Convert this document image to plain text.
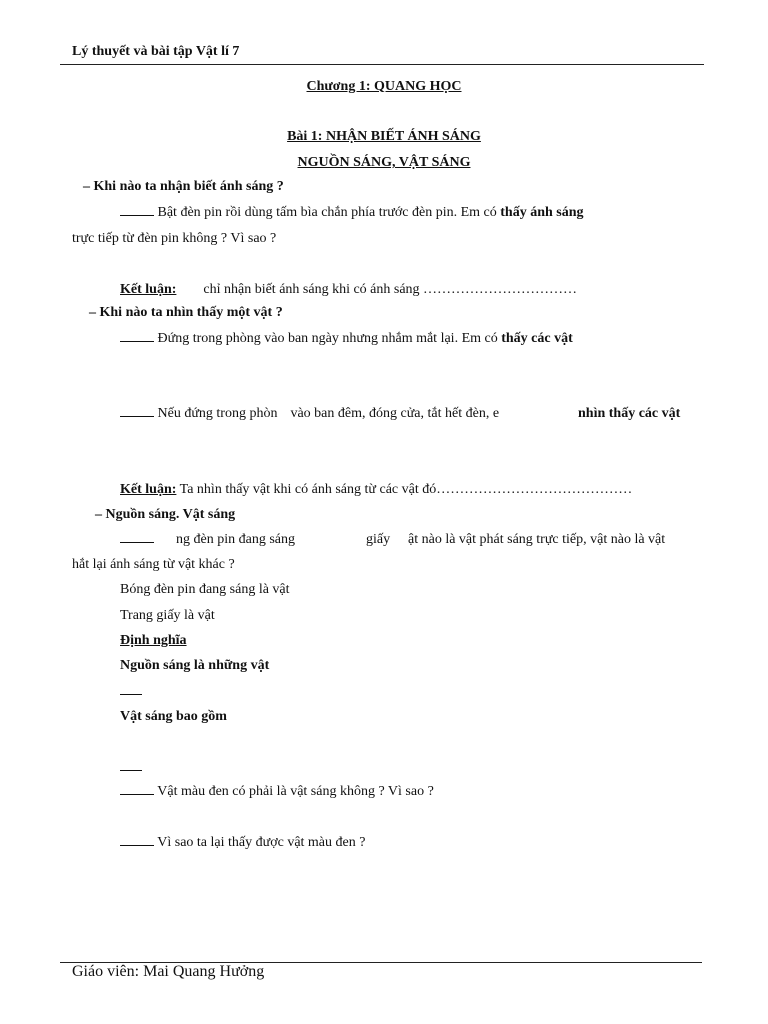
Lý thuyết và bài tập Vật lí 7
Chương 1: QUANG HỌC
Bài 1: NHẬN BIẾT ÁNH SÁNG
NGUỒN SÁNG, VẬT SÁNG
– Khi nào ta nhận biết ánh sáng ?
Bật đèn pin rồi dùng tấm bìa chắn phía trước đèn pin. Em có thấy ánh sáng
trực tiếp từ đèn pin không ? Vì sao ?
Kết luận: chỉ nhận biết ánh sáng khi có ánh sáng ……………………………
– Khi nào ta nhìn thấy một vật ?
Đứng trong phòng vào ban ngày nhưng nhắm mắt lại. Em có thấy các vật
Nếu đứng trong phòn vào ban đêm, đóng cửa, tắt hết đèn, e	nhìn thấy các vật
Kết luận: Ta nhìn thấy vật khi có ánh sáng từ các vật đó……………………………………
– Nguồn sáng. Vật sáng
ng đèn pin đang sáng	giấy ật nào là vật phát sáng trực tiếp, vật nào là vật
hắt lại ánh sáng từ vật khác ?
Bóng đèn pin đang sáng là vật
Trang giấy là vật
Định nghĩa
Nguồn sáng là những vật
Vật sáng bao gồm
Vật màu đen có phải là vật sáng không ? Vì sao ?
Vì sao ta lại thấy được vật màu đen ?
Giáo viên: Mai Quang Hưởng
